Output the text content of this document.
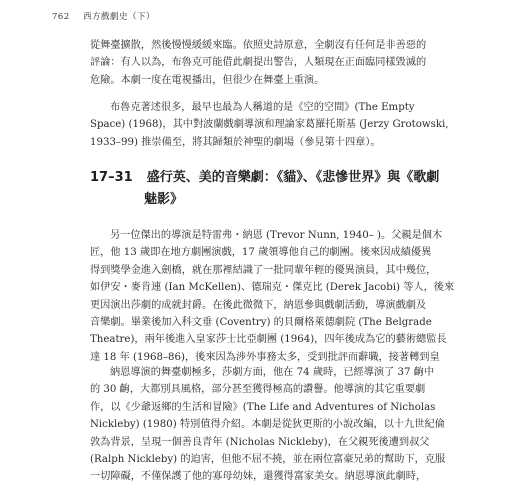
762 西方戲劇史（下）
從舞臺擴散，然後慢慢緩緩來臨。依照史詩原意，全劇沒有任何是非善惡的
評論：有人以為，布魯克可能借此劇提出警告，人類現在正面臨同樣毀滅的
危險。本劇一度在電視播出，但很少在舞臺上重演。
布魯克著述很多，最早也最為人稱道的是《空的空間》(The Empty
Space) (1968)，其中對波蘭戲劇導演和理論家葛羅托斯基 (Jerzy Grotowski,
1933–99) 推崇備至，將其歸類於神聖的劇場（參見第十四章）。
17–31 盛行英、美的音樂劇：《貓》、《悲慘世界》與《歌劇
魅影》
另一位傑出的導演是特雷弗・納恩 (Trevor Nunn, 1940– )。父親是個木
匠，他 13 歲即在地方劇團演戲，17 歲領導他自己的劇團。後來因成績優異
得到獎學金進入劍橋，就在那裡結識了一批同輩年輕的優異演員，其中幾位，
如伊安・麥肯連 (Ian McKellen)、德瑞克・傑克比 (Derek Jacobi) 等人，後來
更因演出莎劇的成就封爵。在後此微微下，納恩參與戲劇活動，導演戲劇及
音樂劇。畢業後加入科文垂 (Coventry) 的貝爾格萊德劇院 (The Belgrade
Theatre)，兩年後進入皇家莎士比亞劇團 (1964)，四年後成為它的藝術總監長
達 18 年 (1968–86)，後來因為涉外事務太多，受到批評而辭職，接著轉到皇
納恩導演的舞臺劇極多，莎劇方面，他在 74 歲時，已經導演了 37 齣中
的 30 齣，大都別具風格，部分甚至獲得極高的讚譽。他導演的其它重要劇
作，以《少爺返鄉的生活和冒險》(The Life and Adventures of Nicholas
Nickleby) (1980) 特別值得介紹。本劇是從狄更斯的小說改編，以十九世紀倫
敦為背景，呈現一個善良青年 (Nicholas Nickleby)，在父親死後遭到叔父
(Ralph Nickleby) 的迫害，但他不屈不撓，並在兩位富豪兄弟的幫助下，克服
一切障礙，不僅保護了他的寡母幼妹，還獲得富家美女。納恩導演此劇時，
